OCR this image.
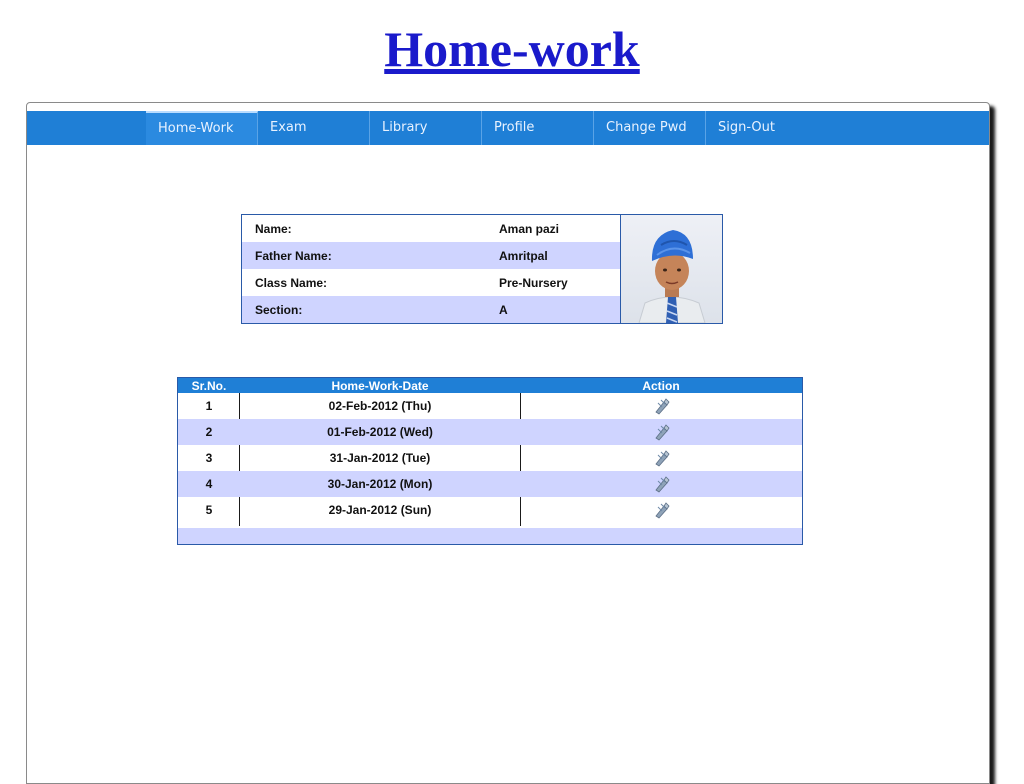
Home-work
Home-Work	Exam	Library	Profile	Change Pwd	Sign-Out
Name:	Aman pazi
Father Name:	Amritpal
Class Name:	Pre-Nursery
Section:	A
Sr.No.	Home-Work-Date	Action
1	02-Feb-2012 (Thu)
2	01-Feb-2012 (Wed)
3	31-Jan-2012 (Tue)
4	30-Jan-2012 (Mon)
5	29-Jan-2012 (Sun)
